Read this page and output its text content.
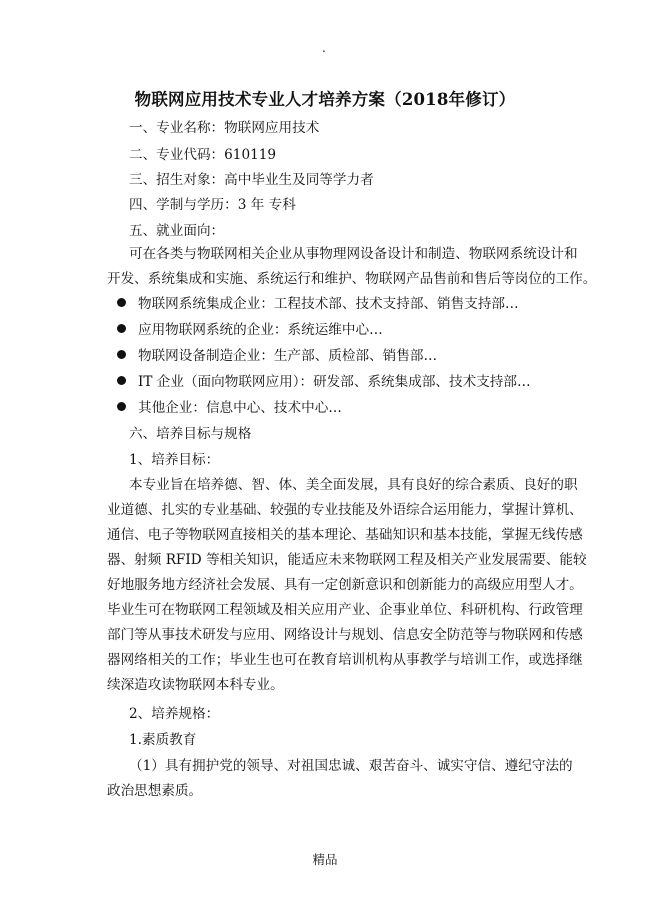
.
物联网应用技术专业人才培养方案（2018年修订）
一、专业名称：物联网应用技术
二、专业代码：610119
三、招生对象：高中毕业生及同等学力者
四、学制与学历：3 年 专科
五、就业面向：
可在各类与物联网相关企业从事物理网设备设计和制造、物联网系统设计和
开发、系统集成和实施、系统运行和维护、物联网产品售前和售后等岗位的工作。
物联网系统集成企业：工程技术部、技术支持部、销售支持部…
应用物联网系统的企业：系统运维中心…
物联网设备制造企业：生产部、质检部、销售部…
IT 企业（面向物联网应用）：研发部、系统集成部、技术支持部…
其他企业：信息中心、技术中心…
六、培养目标与规格
1、培养目标：
本专业旨在培养德、智、体、美全面发展，具有良好的综合素质、良好的职
业道德、扎实的专业基础、较强的专业技能及外语综合运用能力，掌握计算机、
通信、电子等物联网直接相关的基本理论、基础知识和基本技能，掌握无线传感
器、射频 RFID 等相关知识，能适应未来物联网工程及相关产业发展需要、能较
好地服务地方经济社会发展、具有一定创新意识和创新能力的高级应用型人才。
毕业生可在物联网工程领域及相关应用产业、企事业单位、科研机构、行政管理
部门等从事技术研发与应用、网络设计与规划、信息安全防范等与物联网和传感
器网络相关的工作；毕业生也可在教育培训机构从事教学与培训工作，或选择继
续深造攻读物联网本科专业。
2、培养规格：
1.素质教育
（1）具有拥护党的领导、对祖国忠诚、艰苦奋斗、诚实守信、遵纪守法的
政治思想素质。
精品
